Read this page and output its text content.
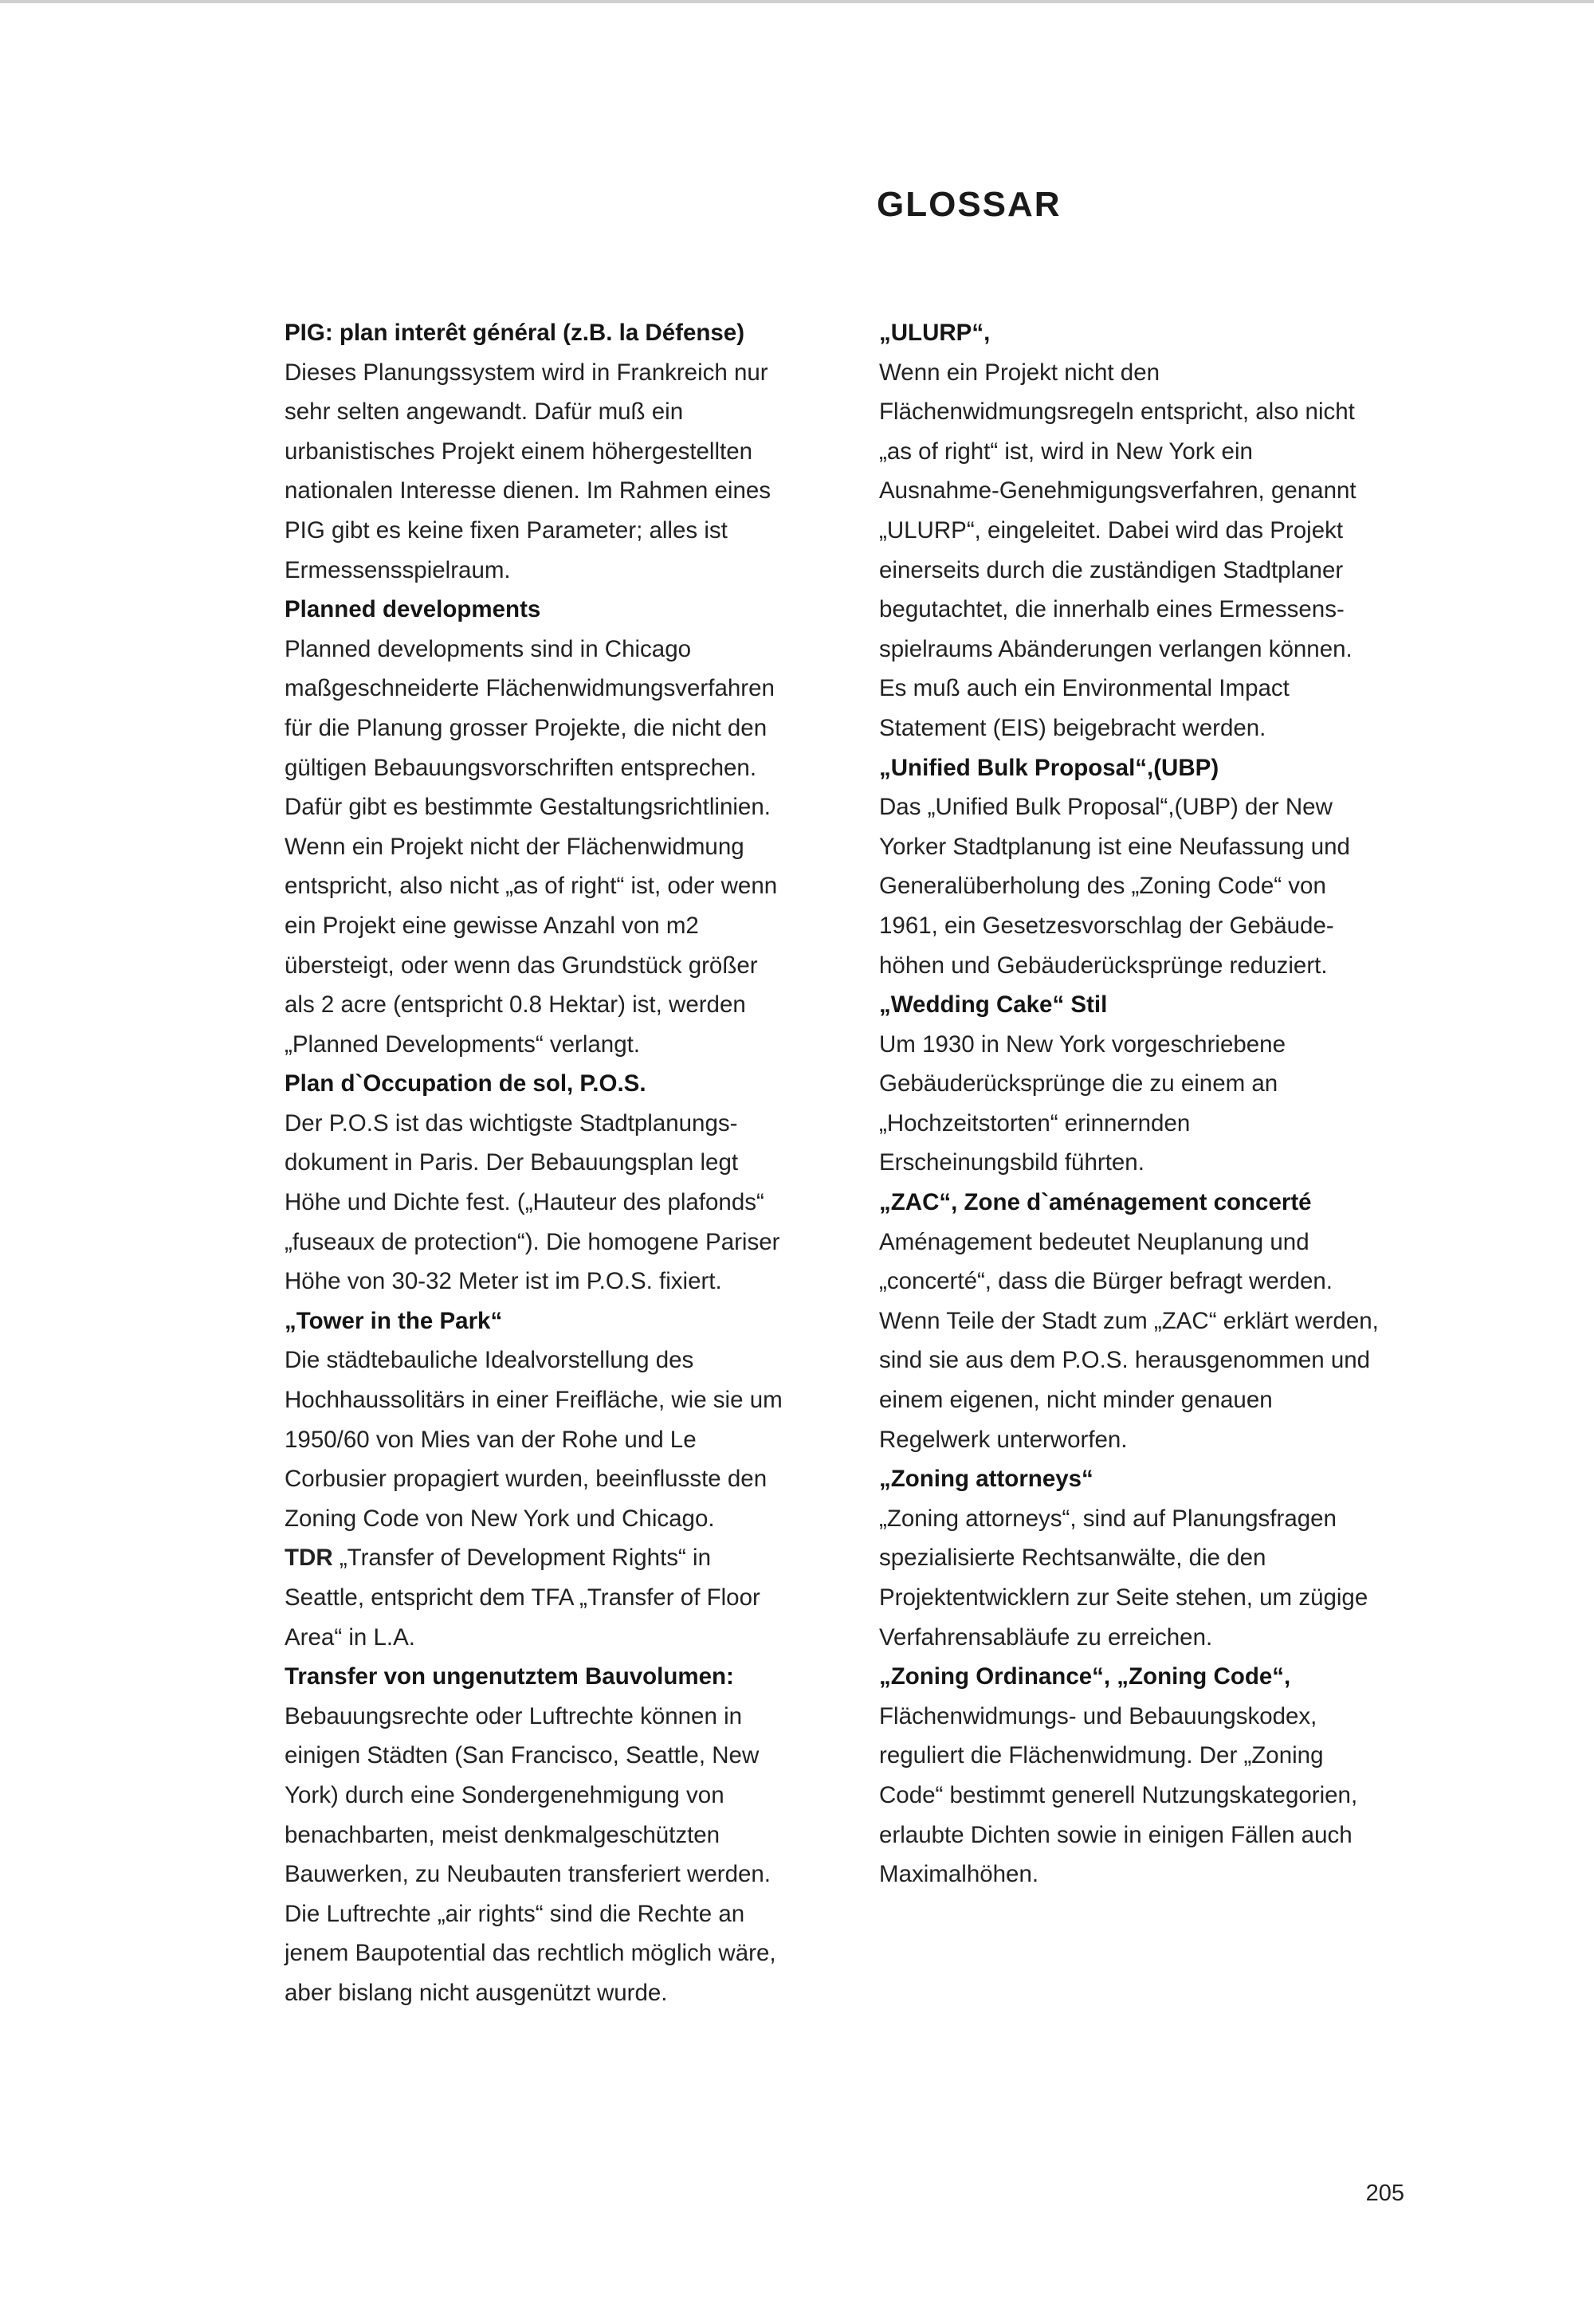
GLOSSAR

PIG: plan interêt général (z.B. la Défense)

Dieses Planungssystem wird in Frankreich nur
sehr selten angewandt. Dafür muß ein
urbanistisches Projekt einem höhergestellten
nationalen Interesse dienen. Im Rahmen eines
PIG gibt es keine fixen Parameter; alles ist
Ermessensspielraum.

Planned developments

Planned developments sind in Chicago
maßgeschneiderte Flächenwidmungsverfahren
für die Planung grosser Projekte, die nicht den
gültigen Bebauungsvorschriften entsprechen.
Dafür gibt es bestimmte Gestaltungsrichtlinien.
Wenn ein Projekt nicht der Flächenwidmung
entspricht, also nicht „as of right“ ist, oder wenn
ein Projekt eine gewisse Anzahl von m2
übersteigt, oder wenn das Grundstück größer
als 2 acre (entspricht 0.8 Hektar) ist, werden
„Planned Developments“ verlangt.

Plan d`Occupation de sol, P.O.S.

Der P.O.S ist das wichtigste Stadtplanungs-
dokument in Paris. Der Bebauungsplan legt
Höhe und Dichte fest. („Hauteur des plafonds“
„fuseaux de protection“). Die homogene Pariser
Höhe von 30-32 Meter ist im P.O.S. fixiert.

„Tower in the Park“

Die städtebauliche Idealvorstellung des
Hochhaussolitärs in einer Freifläche, wie sie um
1950/60 von Mies van der Rohe und Le
Corbusier propagiert wurden, beeinflusste den
Zoning Code von New York und Chicago.

TDR „Transfer of Development Rights“ in
Seattle, entspricht dem TFA „Transfer of Floor
Area“ in L.A.

Transfer von ungenutztem Bauvolumen:

Bebauungsrechte oder Luftrechte können in
einigen Städten (San Francisco, Seattle, New
York) durch eine Sondergenehmigung von
benachbarten, meist denkmalgeschützten
Bauwerken, zu Neubauten transferiert werden.
Die Luftrechte „air rights“ sind die Rechte an
jenem Baupotential das rechtlich möglich wäre,
aber bislang nicht ausgenützt wurde.

„ULURP“,

Wenn ein Projekt nicht den
Flächenwidmungsregeln entspricht, also nicht
„as of right“ ist, wird in New York ein
Ausnahme-Genehmigungsverfahren, genannt
„ULURP“, eingeleitet. Dabei wird das Projekt
einerseits durch die zuständigen Stadtplaner
begutachtet, die innerhalb eines Ermessens-
spielraums Abänderungen verlangen können.
Es muß auch ein Environmental Impact
Statement (EIS) beigebracht werden.

„Unified Bulk Proposal“,(UBP)

Das „Unified Bulk Proposal“,(UBP) der New
Yorker Stadtplanung ist eine Neufassung und
Generalüberholung des „Zoning Code“ von
1961, ein Gesetzesvorschlag der Gebäude-
höhen und Gebäuderücksprünge reduziert.

„Wedding Cake“ Stil

Um 1930 in New York vorgeschriebene
Gebäuderücksprünge die zu einem an
„Hochzeitstorten“ erinnernden
Erscheinungsbild führten.

„ZAC“, Zone d`aménagement concerté

Aménagement bedeutet Neuplanung und
„concerté“, dass die Bürger befragt werden.
Wenn Teile der Stadt zum „ZAC“ erklärt werden,
sind sie aus dem P.O.S. herausgenommen und
einem eigenen, nicht minder genauen
Regelwerk unterworfen.

„Zoning attorneys“

„Zoning attorneys“, sind auf Planungsfragen
spezialisierte Rechtsanwälte, die den
Projektentwicklern zur Seite stehen, um zügige
Verfahrensabläufe zu erreichen.

„Zoning Ordinance“, „Zoning Code“,

Flächenwidmungs- und Bebauungskodex,
reguliert die Flächenwidmung. Der „Zoning
Code“ bestimmt generell Nutzungskategorien,
erlaubte Dichten sowie in einigen Fällen auch
Maximalhöhen.

205
